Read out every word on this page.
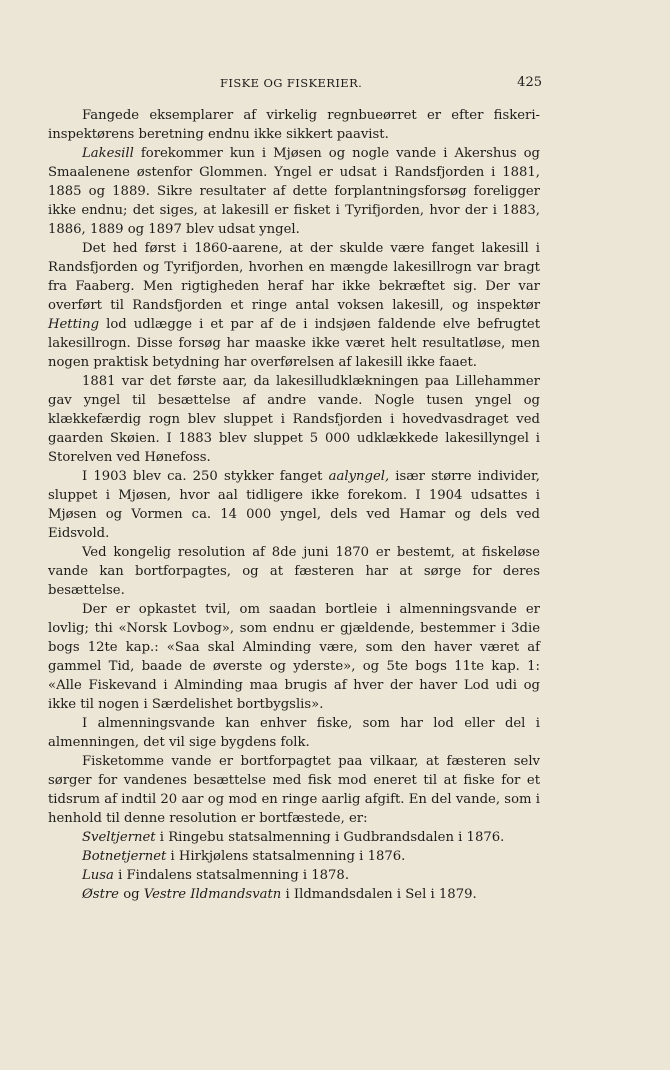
FISKE OG FISKERIER.	425

Fangede eksemplarer af virkelig regnbueørret er efter fiskeriinspektørens beretning endnu ikke sikkert paavist.

Lakesill forekommer kun i Mjøsen og nogle vande i Akershus og Smaalenene østenfor Glommen. Yngel er udsat i Randsfjorden i 1881, 1885 og 1889. Sikre resultater af dette forplantningsforsøg foreligger ikke endnu; det siges, at lakesill er fisket i Tyrifjorden, hvor der i 1883, 1886, 1889 og 1897 blev udsat yngel.

Det hed først i 1860-aarene, at der skulde være fanget lakesill i Randsfjorden og Tyrifjorden, hvorhen en mængde lakesillrogn var bragt fra Faaberg. Men rigtigheden heraf har ikke bekræftet sig. Der var overført til Randsfjorden et ringe antal voksen lakesill, og inspektør Hetting lod udlægge i et par af de i indsjøen faldende elve befrugtet lakesillrogn. Disse forsøg har maaske ikke været helt resultatløse, men nogen praktisk betydning har overførelsen af lakesill ikke faaet.

1881 var det første aar, da lakesilludklækningen paa Lillehammer gav yngel til besættelse af andre vande. Nogle tusen yngel og klækkefærdig rogn blev sluppet i Randsfjorden i hovedvasdraget ved gaarden Skøien. I 1883 blev sluppet 5 000 udklækkede lakesillyngel i Storelven ved Hønefoss.

I 1903 blev ca. 250 stykker fanget aalyngel, især større individer, sluppet i Mjøsen, hvor aal tidligere ikke forekom. I 1904 udsattes i Mjøsen og Vormen ca. 14 000 yngel, dels ved Hamar og dels ved Eidsvold.

Ved kongelig resolution af 8de juni 1870 er bestemt, at fiskeløse vande kan bortforpagtes, og at fæsteren har at sørge for deres besættelse.

Der er opkastet tvil, om saadan bortleie i almenningsvande er lovlig; thi «Norsk Lovbog», som endnu er gjældende, bestemmer i 3die bogs 12te kap.: «Saa skal Alminding være, som den haver været af gammel Tid, baade de øverste og yderste», og 5te bogs 11te kap. 1: «Alle Fiskevand i Alminding maa brugis af hver der haver Lod udi og ikke til nogen i Særdelishet bortbygslis».

I almenningsvande kan enhver fiske, som har lod eller del i almenningen, det vil sige bygdens folk.

Fisketomme vande er bortforpagtet paa vilkaar, at fæsteren selv sørger for vandenes besættelse med fisk mod eneret til at fiske for et tidsrum af indtil 20 aar og mod en ringe aarlig afgift. En del vande, som i henhold til denne resolution er bortfæstede, er:

Sveltjernet i Ringebu statsalmenning i Gudbrandsdalen i 1876.

Botnetjernet i Hirkjølens statsalmenning i 1876.

Lusa i Findalens statsalmenning i 1878.

Østre og Vestre Ildmandsvatn i Ildmandsdalen i Sel i 1879.
